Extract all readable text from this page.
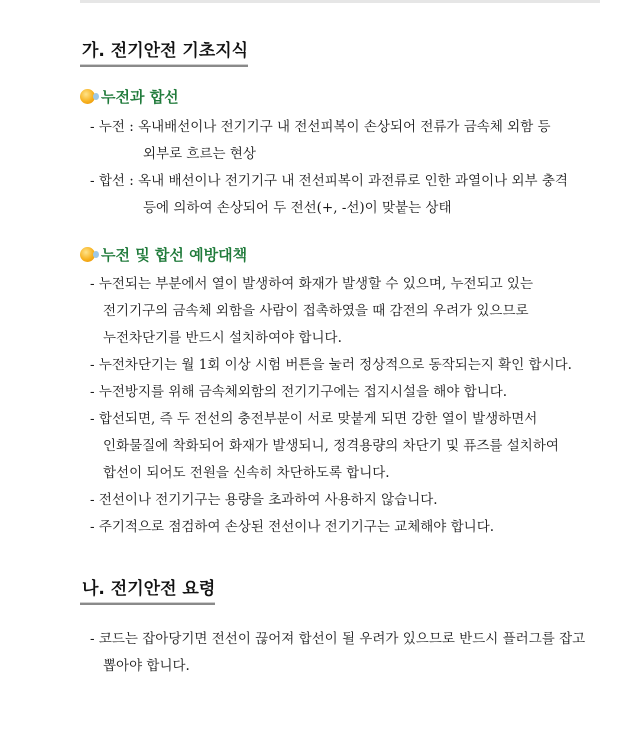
가. 전기안전 기초지식
누전과 합선
- 누전 : 옥내배선이나 전기기구 내 전선피복이 손상되어 전류가 금속체 외함 등
외부로 흐르는 현상
- 합선 : 옥내 배선이나 전기기구 내 전선피복이 과전류로 인한 과열이나 외부 충격
등에 의하여 손상되어 두 전선(+, -선)이 맞붙는 상태
누전 및 합선 예방대책
- 누전되는 부분에서 열이 발생하여 화재가 발생할 수 있으며, 누전되고 있는
전기기구의 금속체 외함을 사람이 접촉하였을 때 감전의 우려가 있으므로
누전차단기를 반드시 설치하여야 합니다.
- 누전차단기는 월 1회 이상 시험 버튼을 눌러 정상적으로 동작되는지 확인 합시다.
- 누전방지를 위해 금속체외함의 전기기구에는 접지시설을 해야 합니다.
- 합선되면, 즉 두 전선의 충전부분이 서로 맞붙게 되면 강한 열이 발생하면서
인화물질에 착화되어 화재가 발생되니, 정격용량의 차단기 및 퓨즈를 설치하여
합선이 되어도 전원을 신속히 차단하도록 합니다.
- 전선이나 전기기구는 용량을 초과하여 사용하지 않습니다.
- 주기적으로 점검하여 손상된 전선이나 전기기구는 교체해야 합니다.
나. 전기안전 요령
- 코드는 잡아당기면 전선이 끊어져 합선이 될 우려가 있으므로 반드시 플러그를 잡고
뽑아야 합니다.
